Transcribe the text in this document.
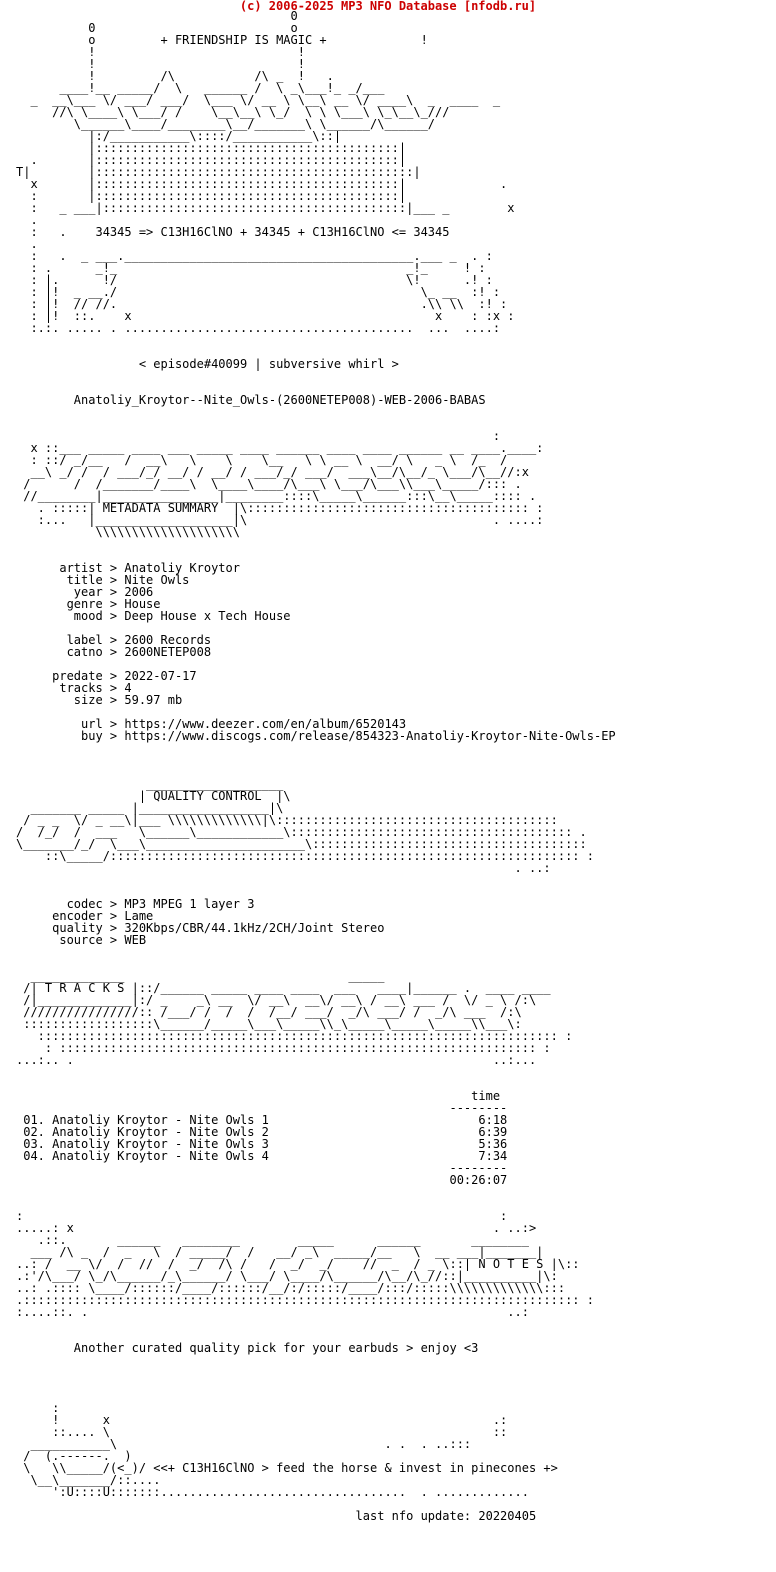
(c) 2006-2025 MP3 NFO Database [nfodb.ru]
0
0                           o
o         + FRIENDSHIP IS MAGIC +             !
!                            !
!                            !
!         /\           /\ _  !   .
____!__ _____/  \   ______ /  \ _\___!_ _/___
_  __\___ \/ ___/ ___/  \___ \/ __ \ \__\ __ \/ ____\  _  ____  _
//\ \____\ \___/ /    \__\__\ \_/  \ \ \___\ \_\__\_///
\______\____/________\__/_______\ \______/\______/
|:/___________\::::/___________\::|
|::::::::::::::::::::::::::::::::::::::::::|
.       |::::::::::::::::::::::::::::::::::::::::::|
T|        |::::::::::::::::::::::::::::::::::::::::::::|
x       |::::::::::::::::::::::::::::::::::::::::::|             .
:       |::::::::::::::::::::::::::::::::::::::::::|
:   _ ___|::::::::::::::::::::::::::::::::::::::::::|___ _        x
.
:   .    34345 => C13H16ClNO + 34345 + C13H16ClNO <= 34345
.
:   .  _ ___.________________________________________.___ _  . :
: .      _!_                                        _!_     ! :
: |.      !/                                        \!      .! :
: |!  _ __./                                          \_ __  :! :
: |!  // //.                                          .\\ \\  :! :
: |!  ::.    x                                          x    : :x :
:.:. ..... . ........................................  ...  ....:

< episode#40099 | subversive whirl >

Anatoliy_Kroytor--Nite_Owls-(2600NETEP008)-WEB-2006-BABAS

:
x ::___ _____ ____ ___ _____ ____ ______ ____ ____ ______ __ ____.____:
: ::/ _/__   /  __\   \    \    \__   \ \ __ \  __/ \   _ \  /_  /
__\ _/ /  / ___/_/ __/ / __/ / ___/_/ ___/  ___\__/\__/_ \___/\__//:x
/      /  /_______/____\  \____\____/\___\ \___/\___\\___\_____/::: .
//________|________________|________::::\_____\______:::\__\_____:::: .
. :::::| METADATA SUMMARY  |\::::::::::::::::::::::::::::::::::::::: :
:...   |___________________|\                                  . ....:
\\\\\\\\\\\\\\\\\\\\

artist > Anatoliy Kroytor
title > Nite Owls
year > 2006
genre > House
mood > Deep House x Tech House

label > 2600 Records
catno > 2600NETEP008

predate > 2022-07-17
tracks > 4
size > 59.97 mb

url > https://www.deezer.com/en/album/6520143
buy > https://www.discogs.com/release/854323-Anatoliy-Kroytor-Nite-Owls-EP

___________________
| QUALITY CONTROL  |\
_______ _____ |__________________|\
/ _ _  \/ _ __\|___ \\\\\\\\\\\\\|\:::::::::::::::::::::::::::::::::::::::
/  /_/  /  ___   \______\____________\::::::::::::::::::::::::::::::::::::::: .
\_______/_/  \___\______________________\::::::::::::::::::::::::::::::::::::::
::\_____/::::::::::::::::::::::::::::::::::::::::::::::::::::::::::::::::: :
. ..:

codec > MP3 MPEG 1 layer 3
encoder > Lame
quality > 320Kbps/CBR/44.1kHz/2CH/Joint Stereo
source > WEB

_____________                               _____
/| T R A C K S |::/______ _____ ____ ____  ___   ____|______ .  ____ ____
/|_____________|:/ _    _\ __  \/ __\  __\/ __\ / __\ ___ /  \/ _ \ /:\
////////////////:: /___/ /  /  /  /__/ ___/  _/\ ___/ /  _/\ ___  /:\
::::::::::::::::::\______/_____\___\_____\\_\_____\_____\_____\\___\:
:::::::::::::::::::::::::::::::::::::::::::::::::::::::::::::::::::::::: :
: :::::::::::::::::::::::::::::::::::::::::::::::::::::::::::::::::: :
...:.. .                                                          ..:...

time
--------
01. Anatoliy Kroytor - Nite Owls 1                             6:18
02. Anatoliy Kroytor - Nite Owls 2                             6:39
03. Anatoliy Kroytor - Nite Owls 3                             5:36
04. Anatoliy Kroytor - Nite Owls 4                             7:34
--------
00:26:07

:                                                                  :
.....: x                                                          . ..:>
.::.       ______   ________        _____      ______       ________
___ /\ _  /  _   \  / _____/  /   __/ _\  _____/__   \  __ ___|_______|
..: /  __ \/  /  //  /  _/  /\ /   /  _/  _/    //  _  / _ \::| N O T E S |\::
.:'/\___/ \_/\______/_\______/ \___/ \____/\______/\__/\_//::|__________|\:
..: .:::: \____/::::::/____/::::::/__/:/:::::/____/:::/:::::\\\\\\\\\\\\\:::
.::::::::::::::::::::::::::::::::::::::::::::::::::::::::::::::::::::::::::::: :
:....::. .                                                          ..:

Another curated quality pick for your earbuds > enjoy <3

:
!      x                                                     .:
::.... \                                                     ::
___________\                                     . .  . ..:::
/  (.------.  )
\   \\_____/(<_)/ <<+ C13H16ClNO > feed the horse & invest in pinecones +>
\__\_______/::....
':U::::U:::::::..................................  . .............

last nfo update: 20220405
